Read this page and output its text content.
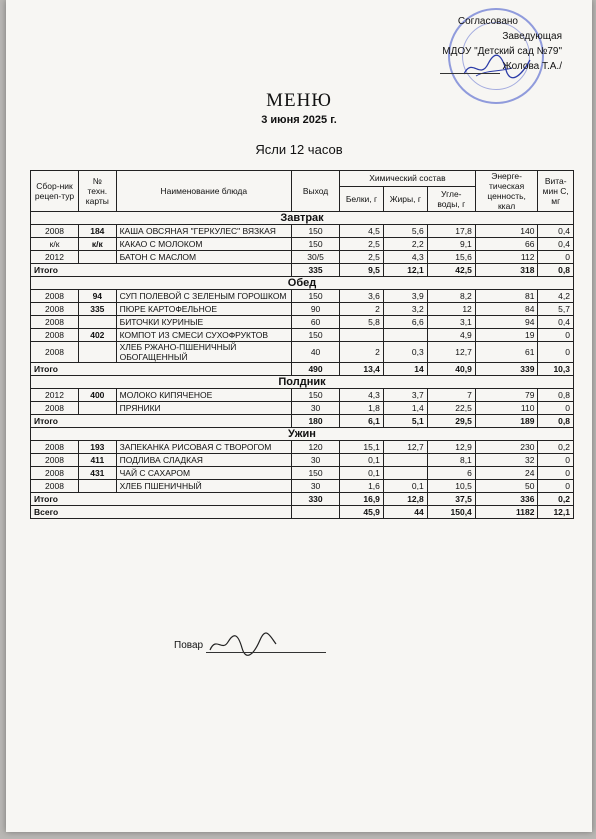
Согласовано
Заведующая
МДОУ "Детский сад №79"
Жолова Т.А./
МЕНЮ
3 июня 2025 г.
Ясли 12 часов
Сбор-ник рецеп-тур	№ техн. карты	Наименование блюда	Выход	Химический состав			Энерге-тическая ценность, ккал	Вита-мин С, мг
				Белки, г	Жиры, г	Угле-воды, г		
Завтрак								
2008	184	КАША ОВСЯНАЯ "ГЕРКУЛЕС" ВЯЗКАЯ	150	4,5	5,6	17,8	140	0,4
к/к	к/к	КАКАО С МОЛОКОМ	150	2,5	2,2	9,1	66	0,4
2012		БАТОН С МАСЛОМ	30/5	2,5	4,3	15,6	112	0
Итого			335	9,5	12,1	42,5	318	0,8
Обед								
2008	94	СУП ПОЛЕВОЙ С ЗЕЛЕНЫМ ГОРОШКОМ	150	3,6	3,9	8,2	81	4,2
2008	335	ПЮРЕ КАРТОФЕЛЬНОЕ	90	2	3,2	12	84	5,7
2008		БИТОЧКИ КУРИНЫЕ	60	5,8	6,6	3,1	94	0,4
2008	402	КОМПОТ ИЗ СМЕСИ СУХОФРУКТОВ	150			4,9	19	0
2008		ХЛЕБ РЖАНО-ПШЕНИЧНЫЙ ОБОГАЩЕННЫЙ	40	2	0,3	12,7	61	0
Итого			490	13,4	14	40,9	339	10,3
Полдник								
2012	400	МОЛОКО КИПЯЧЕНОЕ	150	4,3	3,7	7	79	0,8
2008		ПРЯНИКИ	30	1,8	1,4	22,5	110	0
Итого			180	6,1	5,1	29,5	189	0,8
Ужин								
2008	193	ЗАПЕКАНКА РИСОВАЯ С ТВОРОГОМ	120	15,1	12,7	12,9	230	0,2
2008	411	ПОДЛИВА СЛАДКАЯ	30	0,1		8,1	32	0
2008	431	ЧАЙ С САХАРОМ	150	0,1		6	24	0
2008		ХЛЕБ ПШЕНИЧНЫЙ	30	1,6	0,1	10,5	50	0
Итого			330	16,9	12,8	37,5	336	0,2
Всего				45,9	44	150,4	1182	12,1
Повар
